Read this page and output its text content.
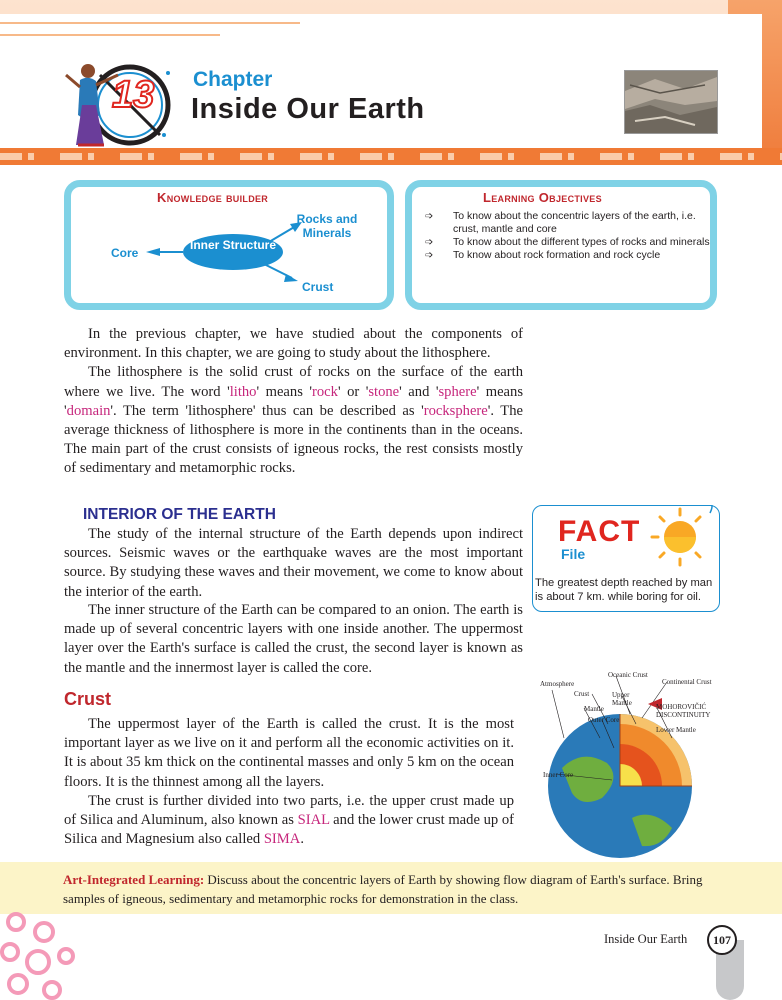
13 Chapter
Inside Our Earth
Knowledge builder
Inner Structure
Core
Rocks and Minerals
Crust
Learning Objectives
➩ To know about the concentric layers of the earth, i.e. crust, mantle and core
➩ To know about the different types of rocks and minerals
➩ To know about rock formation and rock cycle

In the previous chapter, we have studied about the components of environment. In this chapter, we are going to study about the lithosphere.

The lithosphere is the solid crust of rocks on the surface of the earth where we live. The word 'litho' means 'rock' or 'stone' and 'sphere' means 'domain'. The term 'lithosphere' thus can be described as 'rocksphere'. The average thickness of lithosphere is more in the continents than in the oceans. The main part of the crust consists of igneous rocks, the rest consists mostly of sedimentary and metamorphic rocks.

INTERIOR OF THE EARTH

The study of the internal structure of the Earth depends upon indirect sources. Seismic waves or the earthquake waves are the most important source. By studying these waves and their movement, we come to know about the interior of the earth.

The inner structure of the Earth can be compared to an onion. The earth is made up of several concentric layers with one inside another. The uppermost layer over the Earth's surface is called the crust, the second layer is known as the mantle and the innermost layer is called the core.

Crust

The uppermost layer of the Earth is called the crust. It is the most important layer as we live on it and perform all the economic activities on it. It is about 35 km thick on the continental masses and only 5 km on the ocean floors. It is the thinnest among all the layers.

The crust is further divided into two parts, i.e. the upper crust made up of Silica and Aluminum, also known as SIAL and the lower crust made up of Silica and Magnesium also called SIMA.

FACT
File
The greatest depth reached by man is about 7 km. while boring for oil.
Atmosphere
Crust
Mantle
Outer Core
Inner Core
Oceanic Crust
Upper Mantle
Continental Crust
MOHOROVIČIĆ DISCONTINUITY
Lower Mantle
Art-Integrated Learning: Discuss about the concentric layers of Earth by showing flow diagram of Earth's surface. Bring samples of igneous, sedimentary and metamorphic rocks for demonstration in the class.
Inside Our Earth	107
